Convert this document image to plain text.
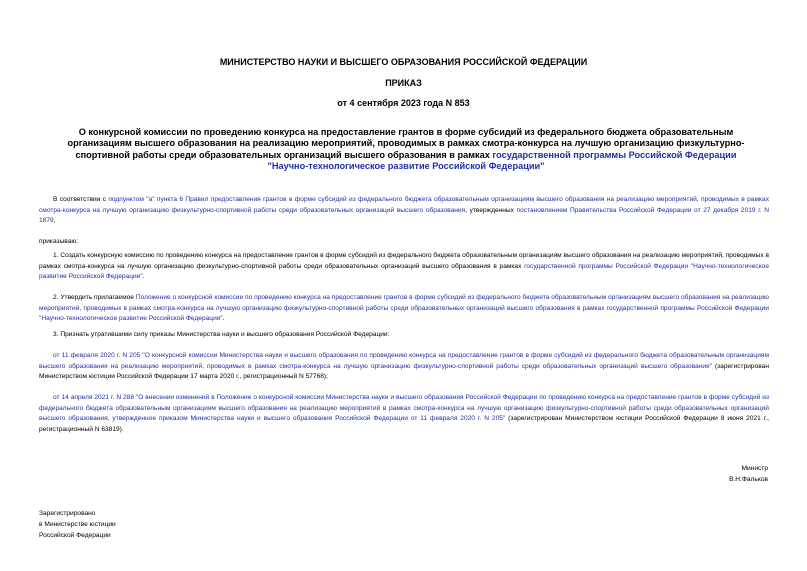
МИНИСТЕРСТВО НАУКИ И ВЫСШЕГО ОБРАЗОВАНИЯ РОССИЙСКОЙ ФЕДЕРАЦИИ

ПРИКАЗ

от 4 сентября 2023 года N 853

О конкурсной комиссии по проведению конкурса на предоставление грантов в форме субсидий из федерального бюджета образовательным организациям высшего образования на реализацию мероприятий, проводимых в рамках смотра-конкурса на лучшую организацию физкультурно-спортивной работы среди образовательных организаций высшего образования в рамках государственной программы Российской Федерации "Научно-технологическое развитие Российской Федерации"

В соответствии с подпунктом "а" пункта 6 Правил предоставления грантов в форме субсидий из федерального бюджета образовательным организациям высшего образования на реализацию мероприятий, проводимых в рамках смотра-конкурса на лучшую организацию физкультурно-спортивной работы среди образовательных организаций высшего образования, утвержденных постановлением Правительства Российской Федерации от 27 декабря 2019 г. N 1879,

приказываю:

1. Создать конкурсную комиссию по проведению конкурса на предоставление грантов в форме субсидий из федерального бюджета образовательным организациям высшего образования на реализацию мероприятий, проводимых в рамках смотра-конкурса на лучшую организацию физкультурно-спортивной работы среди образовательных организаций высшего образования в рамках государственной программы Российской Федерации "Научно-технологическое развитие Российской Федерации".

2. Утвердить прилагаемое Положение о конкурсной комиссии по проведению конкурса на предоставление грантов в форме субсидий из федерального бюджета образовательным организациям высшего образования на реализацию мероприятий, проводимых в рамках смотра-конкурса на лучшую организацию физкультурно-спортивной работы среди образовательных организаций высшего образования в рамках государственной программы Российской Федерации "Научно-технологическое развитие Российской Федерации".

3. Признать утратившими силу приказы Министерства науки и высшего образования Российской Федерации:

от 11 февраля 2020 г. N 205 "О конкурсной комиссии Министерства науки и высшего образования по проведению конкурса на предоставление грантов в форме субсидий из федерального бюджета образовательным организациям высшего образования на реализацию мероприятий, проводимых в рамках смотра-конкурса на лучшую организацию физкультурно-спортивной работы среди образовательных организаций высшего образования" (зарегистрирован Министерством юстиции Российской Федерации 17 марта 2020 г., регистрационный N 57768);

от 14 апреля 2021 г. N 288 "О внесении изменений в Положение о конкурсной комиссии Министерства науки и высшего образования Российской Федерации по проведению конкурса на предоставление грантов в форме субсидий из федерального бюджета образовательным организациям высшего образования на реализацию мероприятий в рамках смотра-конкурса на лучшую организацию физкультурно-спортивной работы среди образовательных организаций высшего образования, утвержденное приказом Министерства науки и высшего образования Российской Федерации от 11 февраля 2020 г. N 205" (зарегистрирован Министерством юстиции Российской Федерации 8 июня 2021 г., регистрационный N 63819).

Министр

В.Н.Фальков

Зарегистрировано

в Министерстве юстиции

Российской Федерации
